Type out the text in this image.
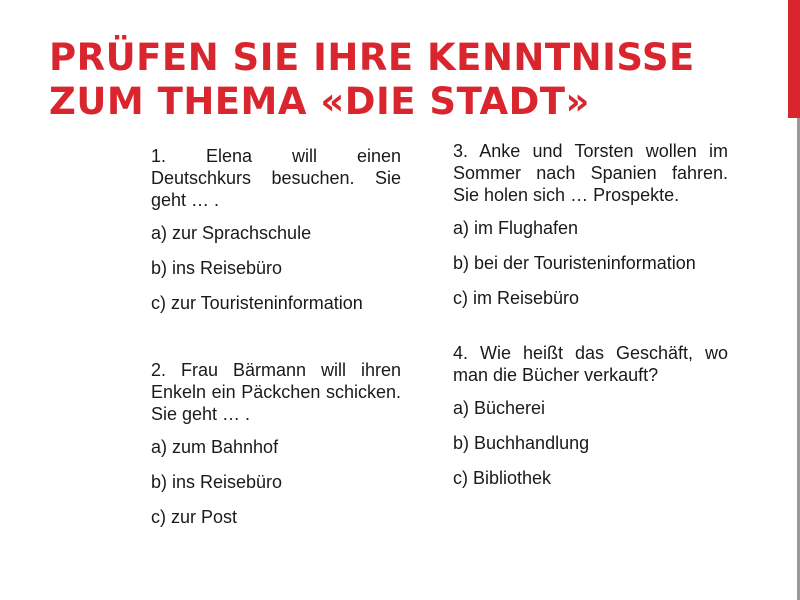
PRÜFEN SIE IHRE KENNTNISSE ZUM THEMA «DIE STADT»

1. Elena will einen Deutschkurs besuchen. Sie geht … .

a) zur Sprachschule

b) ins Reisebüro

c) zur Touristeninformation

2. Frau Bärmann will ihren Enkeln ein Päckchen schicken. Sie geht … .

a) zum Bahnhof

b) ins Reisebüro

c) zur Post

3. Anke und Torsten wollen im Sommer nach Spanien fahren. Sie holen sich … Prospekte.

a) im Flughafen

b) bei der Touristeninformation

c) im Reisebüro

4. Wie heißt das Geschäft, wo man die Bücher verkauft?

a) Bücherei

b) Buchhandlung

c) Bibliothek
